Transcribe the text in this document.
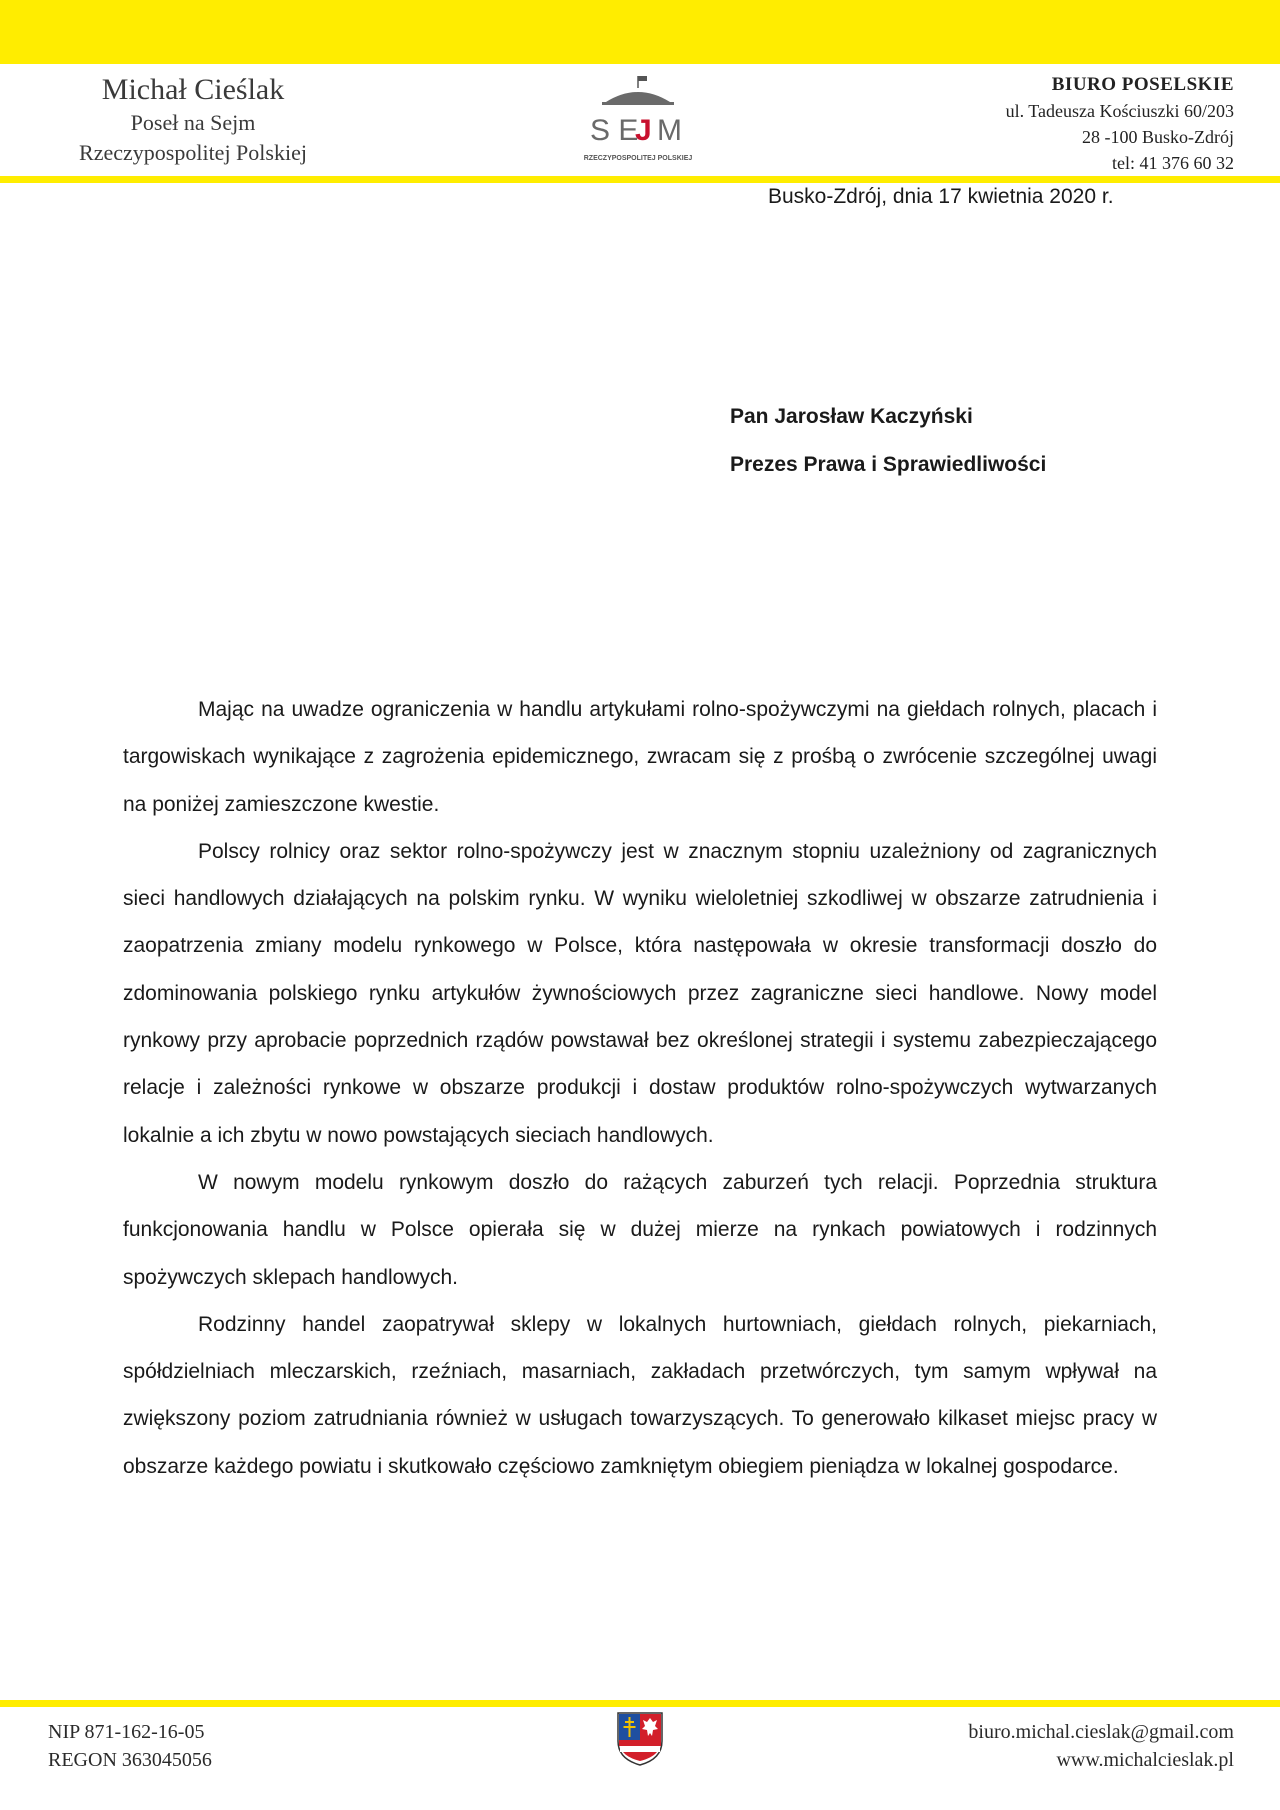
Michał Cieślak
Poseł na Sejm
Rzeczypospolitej Polskiej
S E
J M
RZECZYPOSPOLITEJ POLSKIEJ
BIURO POSELSKIE
ul. Tadeusza Kościuszki 60/203
28 -100 Busko-Zdrój
tel: 41 376 60 32
Busko-Zdrój, dnia 17 kwietnia 2020 r.
Pan Jarosław Kaczyński
Prezes Prawa i Sprawiedliwości

Mając na uwadze ograniczenia w handlu artykułami rolno-spożywczymi na giełdach rolnych, placach i targowiskach wynikające z zagrożenia epidemicznego, zwracam się z prośbą o zwrócenie szczególnej uwagi na poniżej zamieszczone kwestie.

Polscy rolnicy oraz sektor rolno-spożywczy jest w znacznym stopniu uzależniony od zagranicznych sieci handlowych działających na polskim rynku. W wyniku wieloletniej szkodliwej w obszarze zatrudnienia i zaopatrzenia zmiany modelu rynkowego w Polsce, która następowała w okresie transformacji doszło do zdominowania polskiego rynku artykułów żywnościowych przez zagraniczne sieci handlowe. Nowy model rynkowy przy aprobacie poprzednich rządów powstawał bez określonej strategii i systemu zabezpieczającego relacje i zależności rynkowe w obszarze produkcji i dostaw produktów rolno-spożywczych wytwarzanych lokalnie a ich zbytu w nowo powstających sieciach handlowych.

W nowym modelu rynkowym doszło do rażących zaburzeń tych relacji. Poprzednia struktura funkcjonowania handlu w Polsce opierała się w dużej mierze na rynkach powiatowych i rodzinnych spożywczych sklepach handlowych.

Rodzinny handel zaopatrywał sklepy w lokalnych hurtowniach, giełdach rolnych, piekarniach, spółdzielniach mleczarskich, rzeźniach, masarniach, zakładach przetwórczych, tym samym wpływał na zwiększony poziom zatrudniania również w usługach towarzyszących. To generowało kilkaset miejsc pracy w obszarze każdego powiatu i skutkowało częściowo zamkniętym obiegiem pieniądza w lokalnej gospodarce.

NIP 871-162-16-05
REGON 363045056
biuro.michal.cieslak@gmail.com
www.michalcieslak.pl
